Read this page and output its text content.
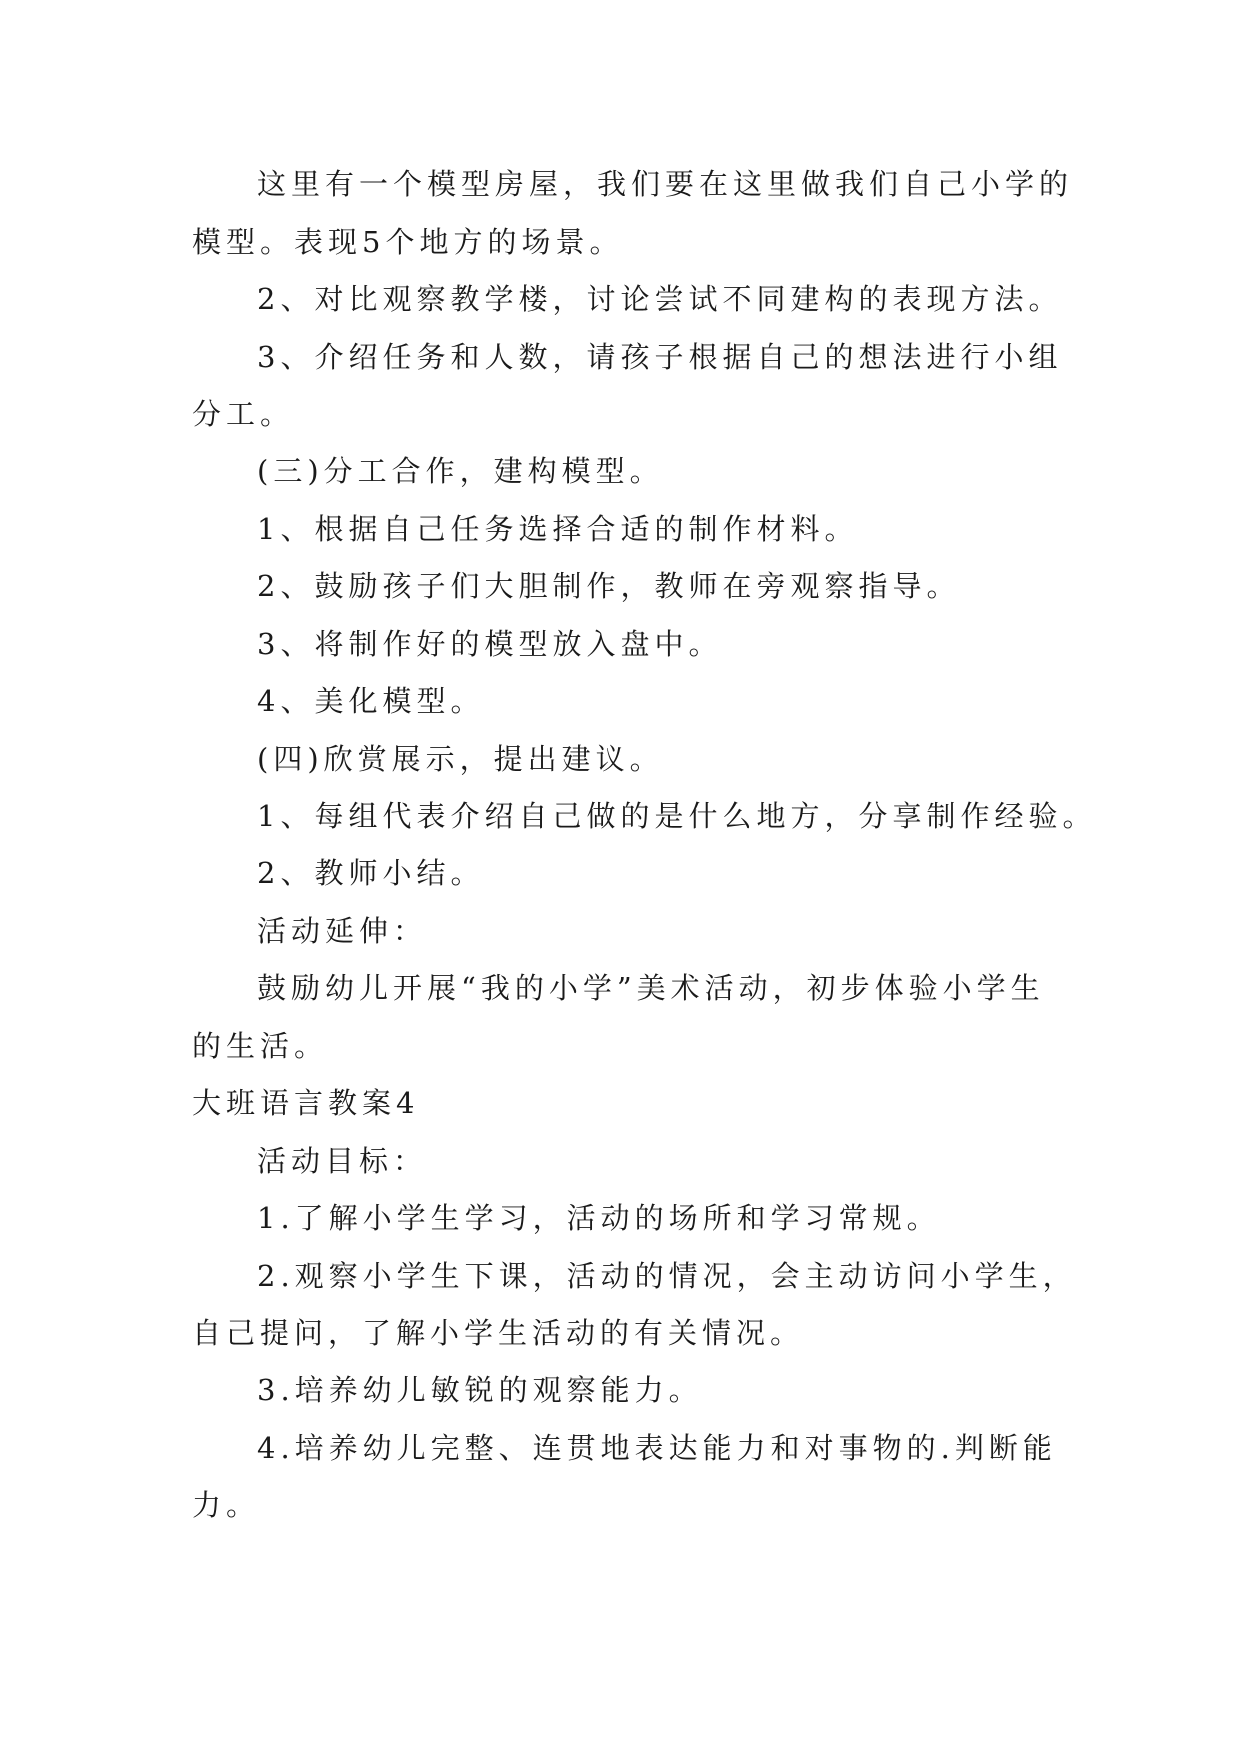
这里有一个模型房屋，我们要在这里做我们自己小学的
模型。表现5个地方的场景。
2、对比观察教学楼，讨论尝试不同建构的表现方法。
3、介绍任务和人数，请孩子根据自己的想法进行小组
分工。
(三)分工合作，建构模型。
1、根据自己任务选择合适的制作材料。
2、鼓励孩子们大胆制作，教师在旁观察指导。
3、将制作好的模型放入盘中。
4、美化模型。
(四)欣赏展示，提出建议。
1、每组代表介绍自己做的是什么地方，分享制作经验。
2、教师小结。
活动延伸：
鼓励幼儿开展“我的小学”美术活动，初步体验小学生
的生活。
大班语言教案4
活动目标：
1.了解小学生学习，活动的场所和学习常规。
2.观察小学生下课，活动的情况，会主动访问小学生，
自己提问，了解小学生活动的有关情况。
3.培养幼儿敏锐的观察能力。
4.培养幼儿完整、连贯地表达能力和对事物的.判断能
力。
